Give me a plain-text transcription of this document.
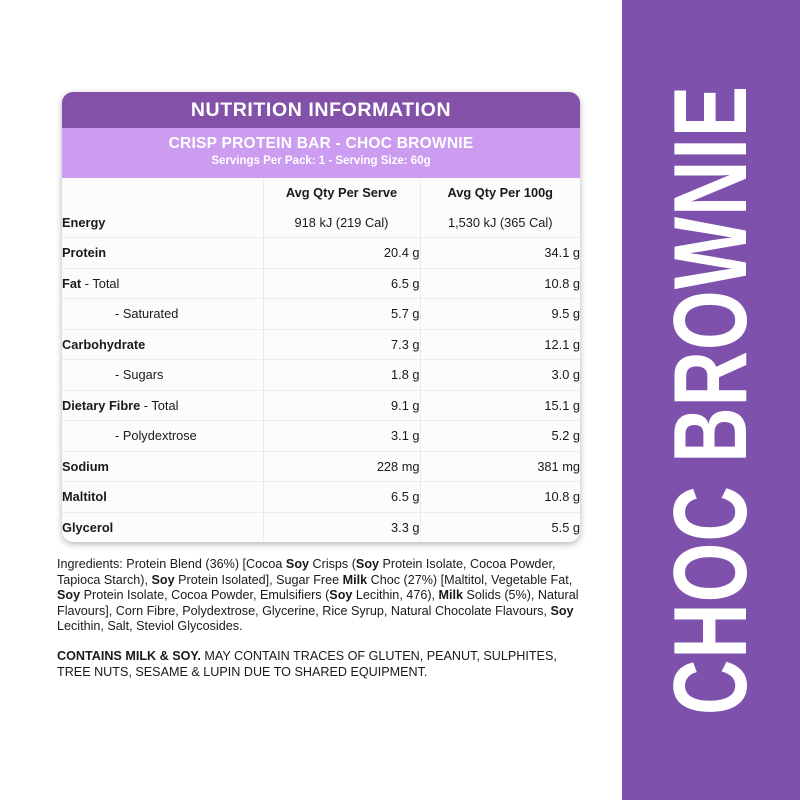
CHOC BROWNIE
NUTRITION INFORMATION
CRISP PROTEIN BAR - CHOC BROWNIE
Servings Per Pack: 1 - Serving Size: 60g
	Avg Qty Per Serve	Avg Qty Per 100g
Energy	918 kJ (219 Cal)	1,530 kJ (365 Cal)
Protein	20.4 g	34.1 g
Fat - Total	6.5 g	10.8 g
- Saturated	5.7 g	9.5 g
Carbohydrate	7.3 g	12.1 g
- Sugars	1.8 g	3.0 g
Dietary Fibre - Total	9.1 g	15.1 g
- Polydextrose	3.1 g	5.2 g
Sodium	228 mg	381 mg
Maltitol	6.5 g	10.8 g
Glycerol	3.3 g	5.5 g
Ingredients: Protein Blend (36%) [Cocoa Soy Crisps (Soy Protein Isolate, Cocoa Powder, Tapioca Starch), Soy Protein Isolated], Sugar Free Milk Choc (27%) [Maltitol, Vegetable Fat, Soy Protein Isolate, Cocoa Powder, Emulsifiers (Soy Lecithin, 476), Milk Solids (5%), Natural Flavours], Corn Fibre, Polydextrose, Glycerine, Rice Syrup, Natural Chocolate Flavours, Soy Lecithin, Salt, Steviol Glycosides.
CONTAINS MILK & SOY. MAY CONTAIN TRACES OF GLUTEN, PEANUT, SULPHITES, TREE NUTS, SESAME & LUPIN DUE TO SHARED EQUIPMENT.
